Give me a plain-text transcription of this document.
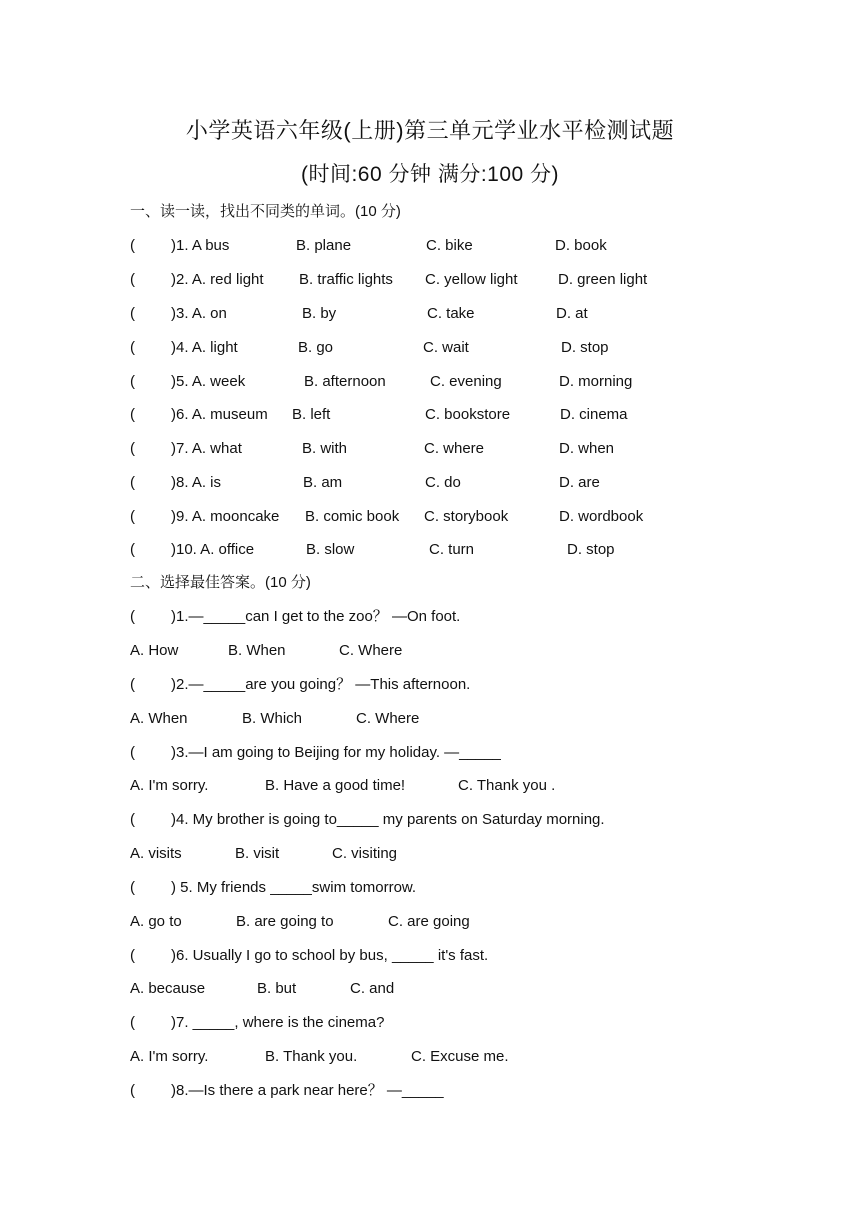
小学英语六年级(上册)第三单元学业水平检测试题
(时间:60 分钟 满分:100 分)
一、读一读，找出不同类的单词。(10 分)
( )1. A bus	B. plane	C. bike	D. book
( )2. A. red light B. traffic lights C. yellow light	D. green light
( )3. A. on	B. by	C. take	D. at
( )4. A. light	B. go	C. wait	D. stop
( )5. A. week	B. afternoon	C. evening	D. morning
( )6. A. museum B. left	C. bookstore	D. cinema
( )7. A. what	B. with	C. where	D. when
( )8. A. is	B. am	C. do	D. are
( )9. A. mooncake B. comic book C. storybook	D. wordbook
( )10. A. office	B. slow	C. turn	D. stop
二、选择最佳答案。(10 分)
( )1.—_____can I get to the zoo？ —On foot.
A. How	B. When	C. Where
( )2.—_____are you going？ —This afternoon.
A. When	B. Which	C. Where
( )3.—I am going to Beijing for my holiday. —_____
A. I'm sorry.	B. Have a good time!	C. Thank you .
( )4. My brother is going to_____ my parents on Saturday morning.
A. visits	B. visit	C. visiting
( ) 5. My friends _____swim tomorrow.
A. go to	B. are going to	C. are going
( )6. Usually I go to school by bus, _____ it's fast.
A. because	B. but	C. and
( )7. _____, where is the cinema?
A. I'm sorry.	B. Thank you.	C. Excuse me.
( )8.—Is there a park near here？ —_____
